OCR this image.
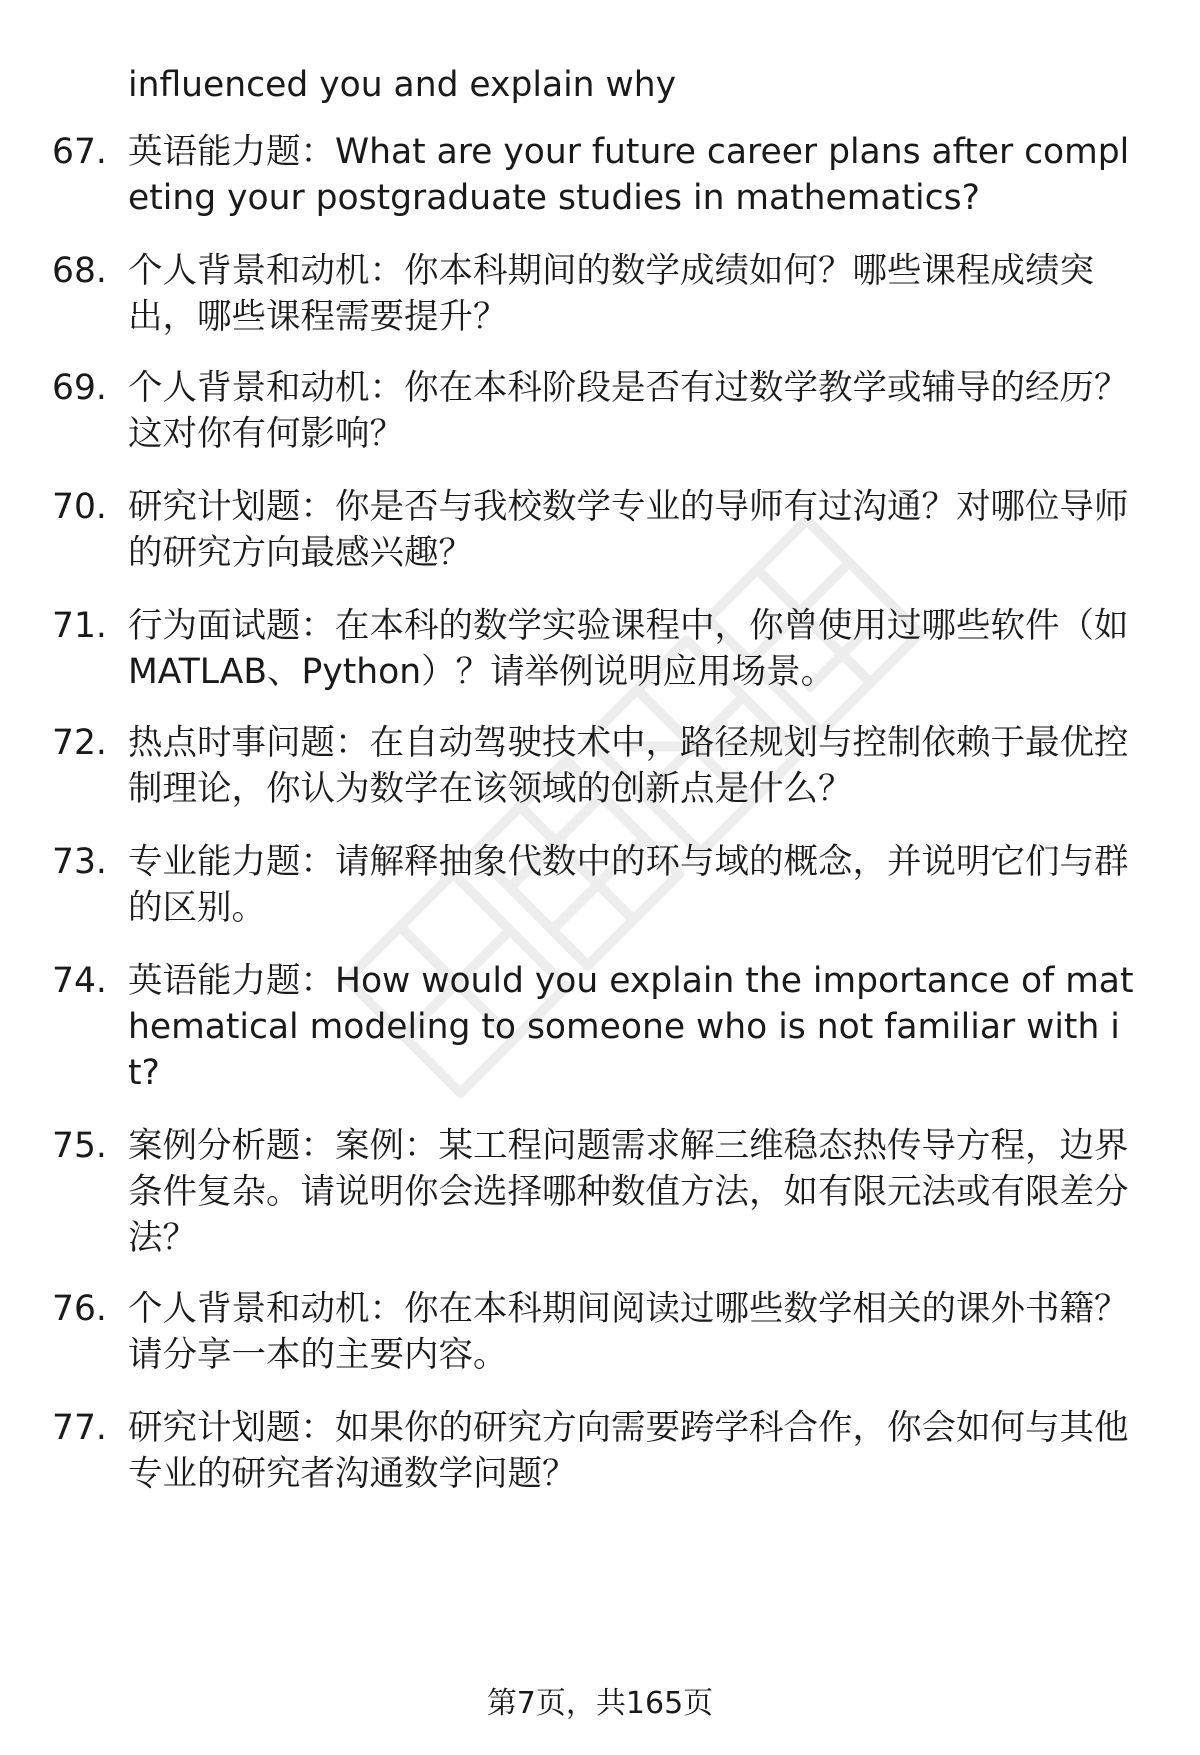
influenced you and explain why

67. 英语能力题：What are your future career plans after completing your postgraduate studies in mathematics?

68. 个人背景和动机：你本科期间的数学成绩如何？哪些课程成绩突出，哪些课程需要提升？

69. 个人背景和动机：你在本科阶段是否有过数学教学或辅导的经历？这对你有何影响？

70. 研究计划题：你是否与我校数学专业的导师有过沟通？对哪位导师的研究方向最感兴趣？

71. 行为面试题：在本科的数学实验课程中，你曾使用过哪些软件（如 MATLAB、Python）？请举例说明应用场景。

72. 热点时事问题：在自动驾驶技术中，路径规划与控制依赖于最优控制理论，你认为数学在该领域的创新点是什么？

73. 专业能力题：请解释抽象代数中的环与域的概念，并说明它们与群的区别。

74. 英语能力题：How would you explain the importance of mathematical modeling to someone who is not familiar with it?

75. 案例分析题：案例：某工程问题需求解三维稳态热传导方程，边界条件复杂。请说明你会选择哪种数值方法，如有限元法或有限差分法？

76. 个人背景和动机：你在本科期间阅读过哪些数学相关的课外书籍？请分享一本的主要内容。

77. 研究计划题：如果你的研究方向需要跨学科合作，你会如何与其他专业的研究者沟通数学问题？

第7页，共165页
